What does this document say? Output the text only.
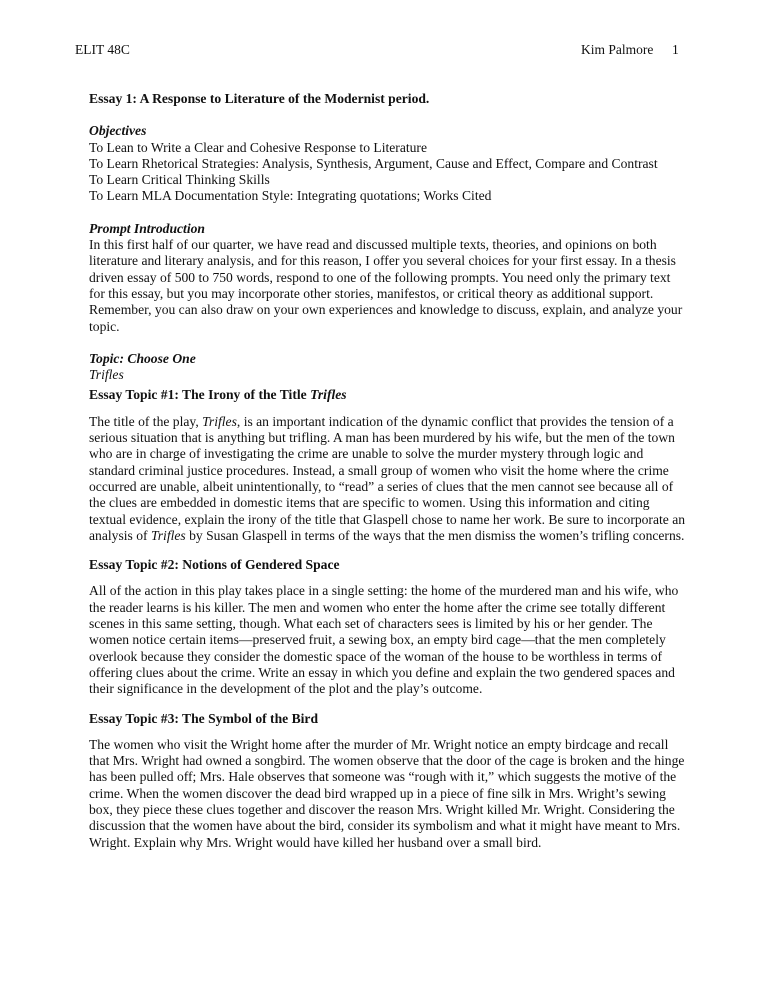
ELIT 48C	Kim Palmore 1

Essay 1: A Response to Literature of the Modernist period.

Objectives

To Lean to Write a Clear and Cohesive Response to Literature

To Learn Rhetorical Strategies: Analysis, Synthesis, Argument, Cause and Effect, Compare and Contrast

To Learn Critical Thinking Skills

To Learn MLA Documentation Style: Integrating quotations; Works Cited

Prompt Introduction

In this first half of our quarter, we have read and discussed multiple texts, theories, and opinions on both literature and literary analysis, and for this reason, I offer you several choices for your first essay. In a thesis driven essay of 500 to 750 words, respond to one of the following prompts. You need only the primary text for this essay, but you may incorporate other stories, manifestos, or critical theory as additional support. Remember, you can also draw on your own experiences and knowledge to discuss, explain, and analyze your topic.

Topic: Choose One

Trifles

Essay Topic #1: The Irony of the Title Trifles

The title of the play, Trifles, is an important indication of the dynamic conflict that provides the tension of a serious situation that is anything but trifling. A man has been murdered by his wife, but the men of the town who are in charge of investigating the crime are unable to solve the murder mystery through logic and standard criminal justice procedures. Instead, a small group of women who visit the home where the crime occurred are unable, albeit unintentionally, to “read” a series of clues that the men cannot see because all of the clues are embedded in domestic items that are specific to women. Using this information and citing textual evidence, explain the irony of the title that Glaspell chose to name her work. Be sure to incorporate an analysis of Trifles by Susan Glaspell in terms of the ways that the men dismiss the women’s trifling concerns.

Essay Topic #2: Notions of Gendered Space

All of the action in this play takes place in a single setting: the home of the murdered man and his wife, who the reader learns is his killer. The men and women who enter the home after the crime see totally different scenes in this same setting, though. What each set of characters sees is limited by his or her gender. The women notice certain items—preserved fruit, a sewing box, an empty bird cage—that the men completely overlook because they consider the domestic space of the woman of the house to be worthless in terms of offering clues about the crime. Write an essay in which you define and explain the two gendered spaces and their significance in the development of the plot and the play’s outcome.

Essay Topic #3: The Symbol of the Bird

The women who visit the Wright home after the murder of Mr. Wright notice an empty birdcage and recall that Mrs. Wright had owned a songbird. The women observe that the door of the cage is broken and the hinge has been pulled off; Mrs. Hale observes that someone was “rough with it,” which suggests the motive of the crime. When the women discover the dead bird wrapped up in a piece of fine silk in Mrs. Wright’s sewing box, they piece these clues together and discover the reason Mrs. Wright killed Mr. Wright. Considering the discussion that the women have about the bird, consider its symbolism and what it might have meant to Mrs. Wright. Explain why Mrs. Wright would have killed her husband over a small bird.
